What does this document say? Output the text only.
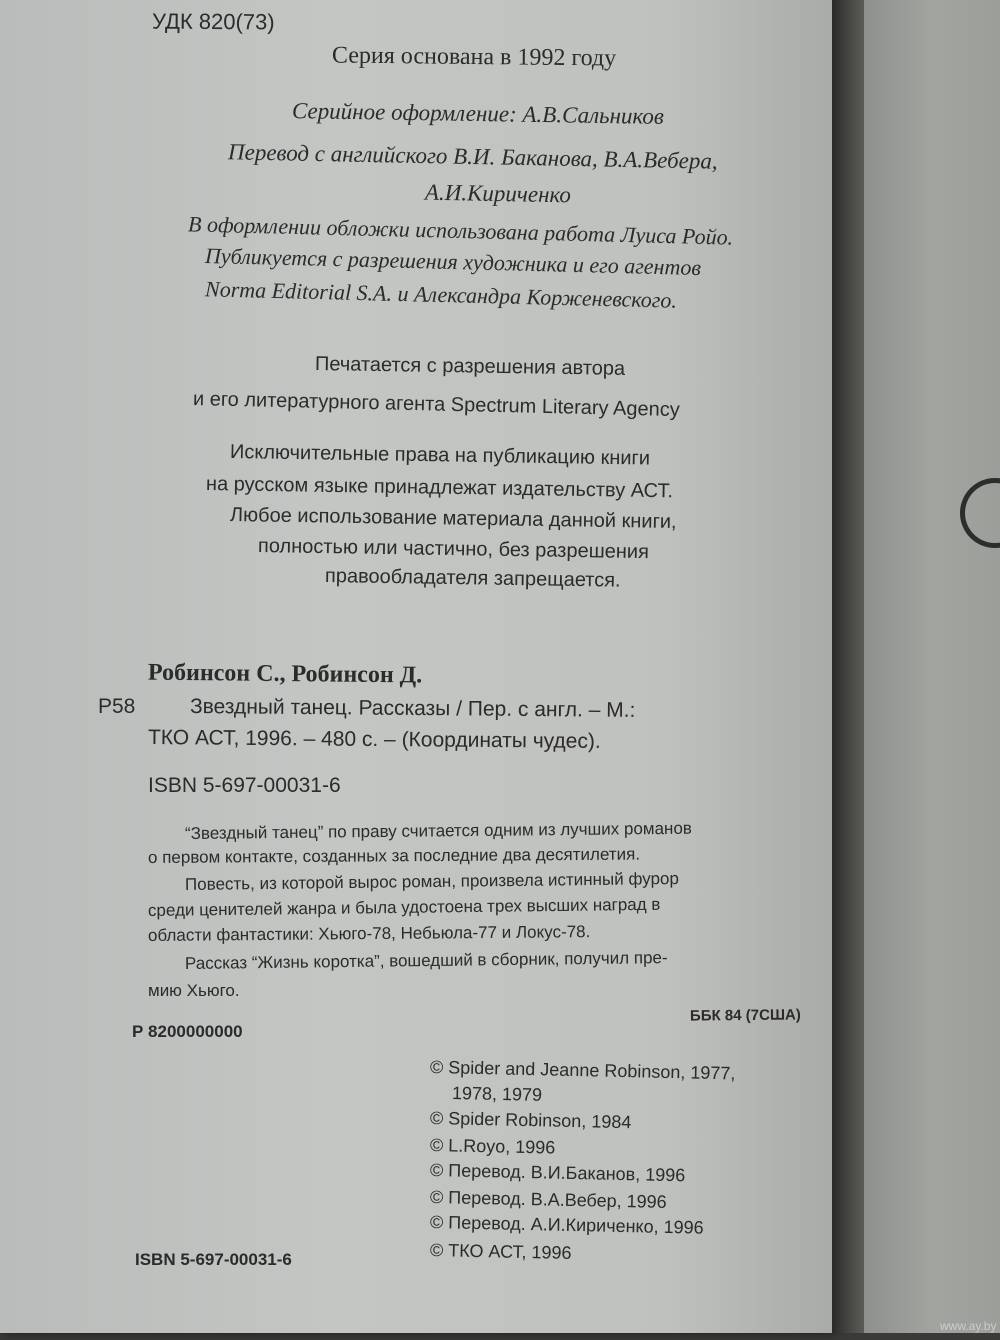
УДК 820(73)
Серия основана в 1992 году
Серийное оформление: А.В.Сальников
Перевод с английского В.И. Баканова, В.А.Вебера,
А.И.Кириченко
В оформлении обложки использована работа Луиса Ройо.
Публикуется с разрешения художника и его агентов
Norma Editorial S.A. и Александра Корженевского.
Печатается с разрешения автора
и его литературного агента Spectrum Literary Agency
Исключительные права на публикацию книги
на русском языке принадлежат издательству АСТ.
Любое использование материала данной книги,
полностью или частично, без разрешения
правообладателя запрещается.
Робинсон С., Робинсон Д.
Р58	Звездный танец. Рассказы / Пер. с англ. – М.:
ТКО АСТ, 1996. – 480 с. – (Координаты чудес).
ISBN 5-697-00031-6
“Звездный танец” по праву считается одним из лучших романов
о первом контакте, созданных за последние два десятилетия.
Повесть, из которой вырос роман, произвела истинный фурор
среди ценителей жанра и была удостоена трех высших наград в
области фантастики: Хьюго-78, Небьюла-77 и Локус-78.
Рассказ “Жизнь коротка”, вошедший в сборник, получил пре-
мию Хьюго.
ББК 84 (7США)
Р 8200000000
© Spider and Jeanne Robinson, 1977,
1978, 1979
© Spider Robinson, 1984
© L.Royo, 1996
© Перевод. В.И.Баканов, 1996
© Перевод. В.А.Вебер, 1996
© Перевод. А.И.Кириченко, 1996
© ТКО АСТ, 1996
ISBN 5-697-00031-6
www.ay.by
